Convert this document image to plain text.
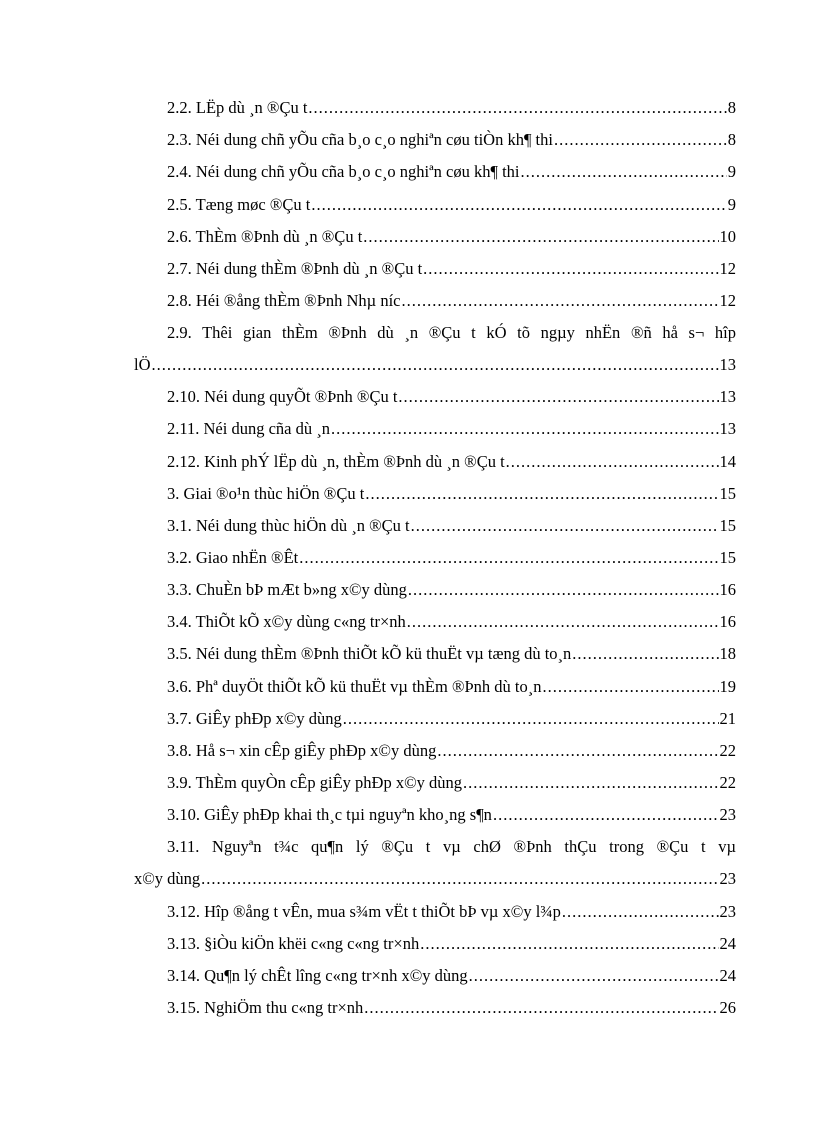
2.2. LËp dù ¸n ®Çu t .....	8
2.3. Néi dung chñ yÕu cña b¸o c¸o nghiªn cøu tiÒn kh¶ thi .....	8
2.4. Néi dung chñ yÕu cña b¸o c¸o nghiªn cøu kh¶ thi .....	9
2.5. Tæng møc ®Çu t .....	9
2.6. ThÈm ®Þnh dù ¸n ®Çu t .....	10
2.7. Néi dung thÈm ®Þnh dù ¸n ®Çu t .....	12
2.8. Héi ®ång thÈm ®Þnh Nhµ níc .....	12
2.9. Thêi gian thÈm ®Þnh dù ¸n ®Çu t kÓ tõ ngµy nhËn ®ñ hå s¬ hîp
lÖ .....	13
2.10. Néi dung quyÕt ®Þnh ®Çu t .....	13
2.11. Néi dung cña dù ¸n .....	13
2.12. Kinh phÝ lËp dù ¸n, thÈm ®Þnh dù ¸n ®Çu t .....	14
3. Giai ®o¹n thùc hiÖn ®Çu t .....	15
3.1. Néi dung thùc hiÖn dù ¸n ®Çu t .....	15
3.2. Giao nhËn ®Êt .....	15
3.3. ChuÈn bÞ mÆt b»ng x©y dùng .....	16
3.4. ThiÕt kÕ x©y dùng c«ng tr×nh .....	16
3.5. Néi dung thÈm ®Þnh thiÕt kÕ kü thuËt vµ tæng dù to¸n .....	18
3.6. Phª duyÖt thiÕt kÕ kü thuËt vµ thÈm ®Þnh dù to¸n .....	19
3.7. GiÊy phÐp x©y dùng .....	21
3.8. Hå s¬ xin cÊp giÊy phÐp x©y dùng .....	22
3.9. ThÈm quyÒn cÊp giÊy phÐp x©y dùng .....	22
3.10. GiÊy phÐp khai th¸c tµi nguyªn kho¸ng s¶n .....	23
3.11. Nguyªn t¾c qu¶n lý ®Çu t vµ chØ ®Þnh thÇu trong ®Çu t vµ
x©y dùng .....	23
3.12. Hîp ®ång t vÊn, mua s¾m vËt t thiÕt bÞ vµ x©y l¾p .....	23
3.13. §iÒu kiÖn khëi c«ng c«ng tr×nh .....	24
3.14. Qu¶n lý chÊt lîng c«ng tr×nh x©y dùng .....	24
3.15. NghiÖm thu c«ng tr×nh .....	26
